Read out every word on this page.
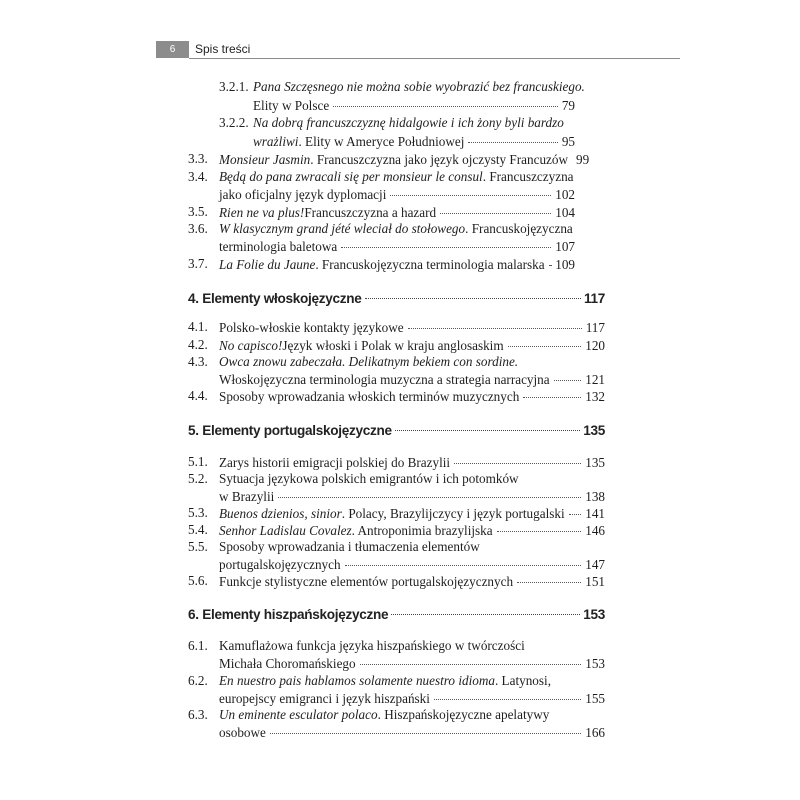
6	Spis treści
3.2.1. Pana Szczęsnego nie można sobie wyobrazić bez francuskiego.
Elity w Polsce	79
3.2.2. Na dobrą francuszczyznę hidalgowie i ich żony byli bardzo
wrażliwi . Elity w Ameryce Południowej	95
3.3. Monsieur Jasmin . Francuszczyzna jako język ojczysty Francuzów 99
3.4. Będą do pana zwracali się per monsieur le consul . Francuszczyzna
jako oficjalny język dyplomacji	102
3.5. Rien ne va plus! Francuszczyzna a hazard	104
3.6. W klasycznym grand jété wleciał do stołowego . Francuskojęzyczna
terminologia baletowa	107
3.7. La Folie du Jaune . Francuskojęzyczna terminologia malarska 109
4. Elementy włoskojęzyczne	117
4.1. Polsko-włoskie kontakty językowe	117
4.2. No capisco! Język włoski i Polak w kraju anglosaskim	120
4.3. Owca znowu zabeczała. Delikatnym bekiem con sordine.
Włoskojęzyczna terminologia muzyczna a strategia narracyjna	121
4.4. Sposoby wprowadzania włoskich terminów muzycznych	132
5. Elementy portugalskojęzyczne	135
5.1. Zarys historii emigracji polskiej do Brazylii	135
5.2. Sytuacja językowa polskich emigrantów i ich potomków
w Brazylii	138
5.3. Buenos dzienios, sinior . Polacy, Brazylijczycy i język portugalski 141
5.4. Senhor Ladislau Covalez . Antroponimia brazylijska	146
5.5. Sposoby wprowadzania i tłumaczenia elementów
portugalskojęzycznych	147
5.6. Funkcje stylistyczne elementów portugalskojęzycznych	151
6. Elementy hiszpańskojęzyczne	153
6.1. Kamuflażowa funkcja języka hiszpańskiego w twórczości
Michała Choromańskiego	153
6.2. En nuestro pais hablamos solamente nuestro idioma . Latynosi,
europejscy emigranci i język hiszpański	155
6.3. Un eminente esculator polaco . Hiszpańskojęzyczne apelatywy
osobowe	166
